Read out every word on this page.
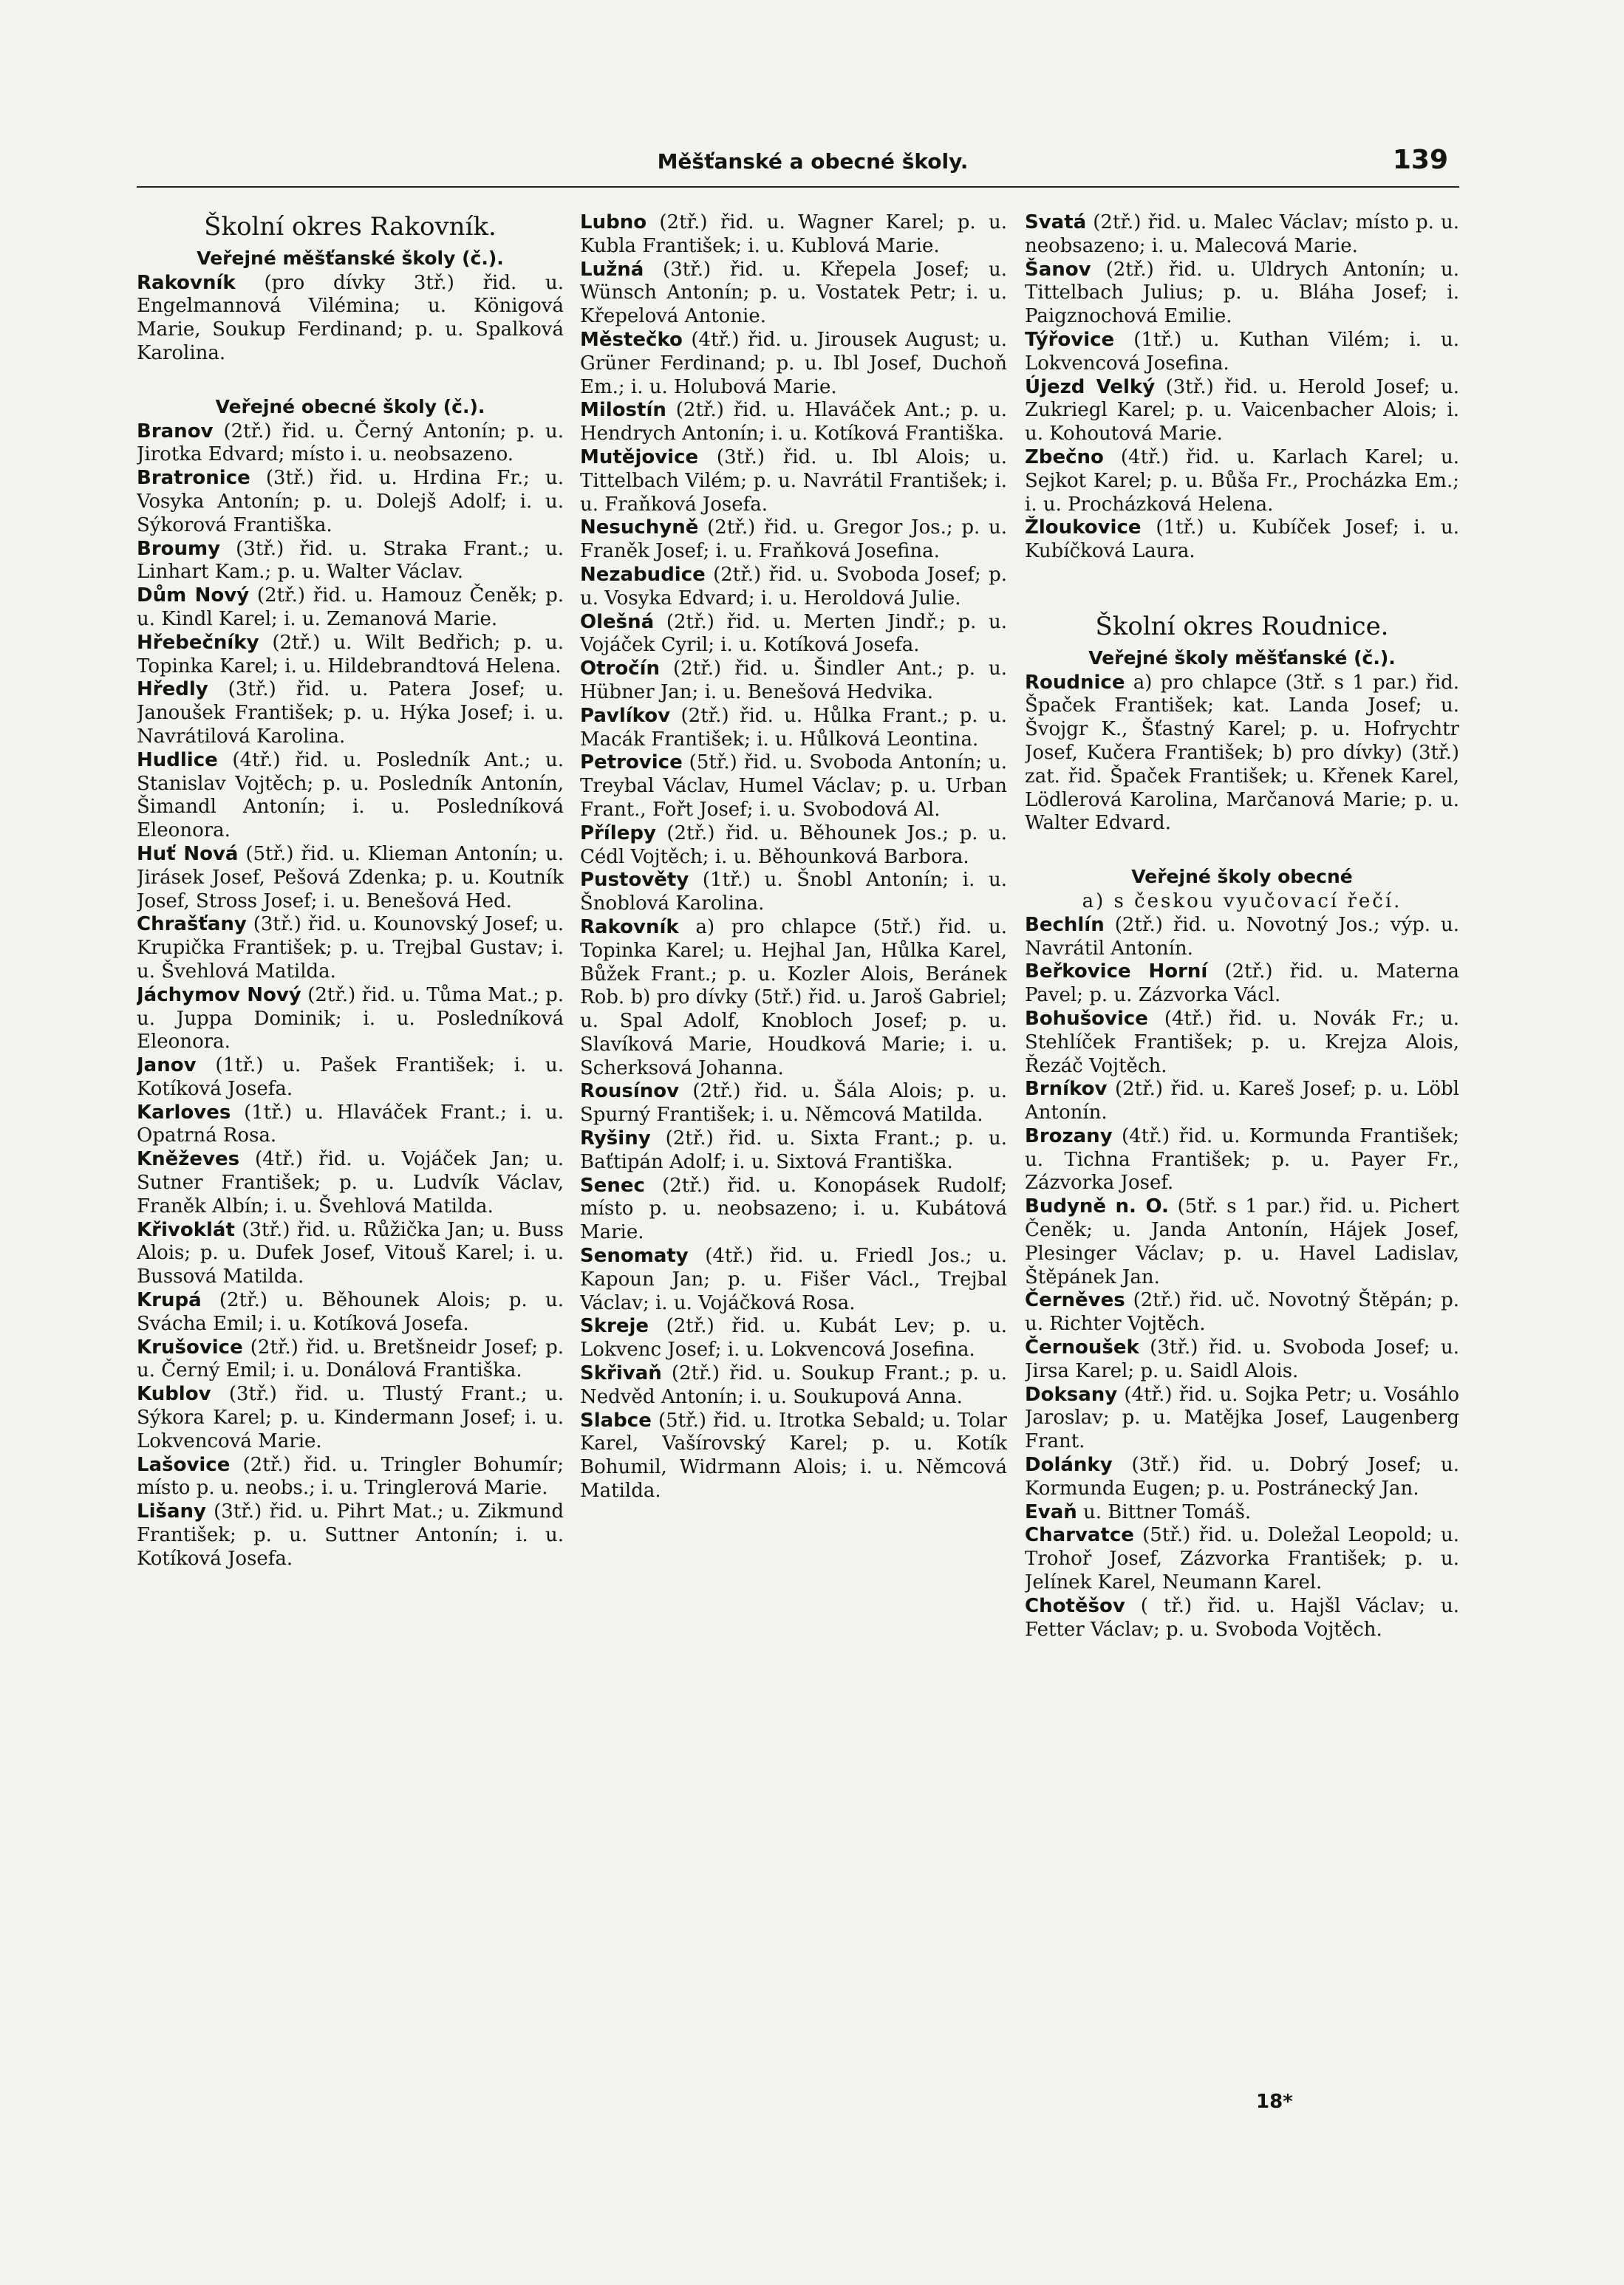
Měšťanské a obecné školy.	139
Školní okres Rakovník.
Veřejné měšťanské školy (č.).

Rakovník (pro dívky 3tř.) řid. u. Engelmannová Vilémina; u. Königová Marie, Soukup Ferdinand; p. u. Spalková Karolina.

Veřejné obecné školy (č.).

Branov (2tř.) řid. u. Černý Antonín; p. u. Jirotka Edvard; místo i. u. neobsazeno.

Bratronice (3tř.) řid. u. Hrdina Fr.; u. Vosyka Antonín; p. u. Dolejš Adolf; i. u. Sýkorová Františka.

Broumy (3tř.) řid. u. Straka Frant.; u. Linhart Kam.; p. u. Walter Václav.

Dům Nový (2tř.) řid. u. Hamouz Čeněk; p. u. Kindl Karel; i. u. Zemanová Marie.

Hřebečníky (2tř.) u. Wilt Bedřich; p. u. Topinka Karel; i. u. Hildebrandtová Helena.

Hředly (3tř.) řid. u. Patera Josef; u. Janoušek František; p. u. Hýka Josef; i. u. Navrátilová Karolina.

Hudlice (4tř.) řid. u. Posledník Ant.; u. Stanislav Vojtěch; p. u. Posledník Antonín, Šimandl Antonín; i. u. Posledníková Eleonora.

Huť Nová (5tř.) řid. u. Klieman Antonín; u. Jirásek Josef, Pešová Zdenka; p. u. Koutník Josef, Stross Josef; i. u. Benešová Hed.

Chrašťany (3tř.) řid. u. Kounovský Josef; u. Krupička František; p. u. Trejbal Gustav; i. u. Švehlová Matilda.

Jáchymov Nový (2tř.) řid. u. Tůma Mat.; p. u. Juppa Dominik; i. u. Posledníková Eleonora.

Janov (1tř.) u. Pašek František; i. u. Kotíková Josefa.

Karloves (1tř.) u. Hlaváček Frant.; i. u. Opatrná Rosa.

Kněževes (4tř.) řid. u. Vojáček Jan; u. Sutner František; p. u. Ludvík Václav, Franěk Albín; i. u. Švehlová Matilda.

Křivoklát (3tř.) řid. u. Růžička Jan; u. Buss Alois; p. u. Dufek Josef, Vitouš Karel; i. u. Bussová Matilda.

Krupá (2tř.) u. Běhounek Alois; p. u. Svácha Emil; i. u. Kotíková Josefa.

Krušovice (2tř.) řid. u. Bretšneidr Josef; p. u. Černý Emil; i. u. Donálová Františka.

Kublov (3tř.) řid. u. Tlustý Frant.; u. Sýkora Karel; p. u. Kindermann Josef; i. u. Lokvencová Marie.

Lašovice (2tř.) řid. u. Tringler Bohumír; místo p. u. neobs.; i. u. Tringlerová Marie.

Lišany (3tř.) řid. u. Pihrt Mat.; u. Zikmund František; p. u. Suttner Antonín; i. u. Kotíková Josefa.

Lubno (2tř.) řid. u. Wagner Karel; p. u. Kubla František; i. u. Kublová Marie.

Lužná (3tř.) řid. u. Křepela Josef; u. Wünsch Antonín; p. u. Vostatek Petr; i. u. Křepelová Antonie.

Městečko (4tř.) řid. u. Jirousek August; u. Grüner Ferdinand; p. u. Ibl Josef, Duchoň Em.; i. u. Holubová Marie.

Milostín (2tř.) řid. u. Hlaváček Ant.; p. u. Hendrych Antonín; i. u. Kotíková Františka.

Mutějovice (3tř.) řid. u. Ibl Alois; u. Tittelbach Vilém; p. u. Navrátil František; i. u. Fraňková Josefa.

Nesuchyně (2tř.) řid. u. Gregor Jos.; p. u. Franěk Josef; i. u. Fraňková Josefina.

Nezabudice (2tř.) řid. u. Svoboda Josef; p. u. Vosyka Edvard; i. u. Heroldová Julie.

Olešná (2tř.) řid. u. Merten Jindř.; p. u. Vojáček Cyril; i. u. Kotíková Josefa.

Otročín (2tř.) řid. u. Šindler Ant.; p. u. Hübner Jan; i. u. Benešová Hedvika.

Pavlíkov (2tř.) řid. u. Hůlka Frant.; p. u. Macák František; i. u. Hůlková Leontina.

Petrovice (5tř.) řid. u. Svoboda Antonín; u. Treybal Václav, Humel Václav; p. u. Urban Frant., Fořt Josef; i. u. Svobodová Al.

Přílepy (2tř.) řid. u. Běhounek Jos.; p. u. Cédl Vojtěch; i. u. Běhounková Barbora.

Pustověty (1tř.) u. Šnobl Antonín; i. u. Šnoblová Karolina.

Rakovník a) pro chlapce (5tř.) řid. u. Topinka Karel; u. Hejhal Jan, Hůlka Karel, Bůžek Frant.; p. u. Kozler Alois, Beránek Rob. b) pro dívky (5tř.) řid. u. Jaroš Gabriel; u. Spal Adolf, Knobloch Josef; p. u. Slavíková Marie, Houdková Marie; i. u. Scherksová Johanna.

Rousínov (2tř.) řid. u. Šála Alois; p. u. Spurný František; i. u. Němcová Matilda.

Ryšiny (2tř.) řid. u. Sixta Frant.; p. u. Baťtipán Adolf; i. u. Sixtová Františka.

Senec (2tř.) řid. u. Konopásek Rudolf; místo p. u. neobsazeno; i. u. Kubátová Marie.

Senomaty (4tř.) řid. u. Friedl Jos.; u. Kapoun Jan; p. u. Fišer Václ., Trejbal Václav; i. u. Vojáčková Rosa.

Skreje (2tř.) řid. u. Kubát Lev; p. u. Lokvenc Josef; i. u. Lokvencová Josefina.

Skřivaň (2tř.) řid. u. Soukup Frant.; p. u. Nedvěd Antonín; i. u. Soukupová Anna.

Slabce (5tř.) řid. u. Itrotka Sebald; u. Tolar Karel, Vašírovský Karel; p. u. Kotík Bohumil, Widrmann Alois; i. u. Němcová Matilda.

Svatá (2tř.) řid. u. Malec Václav; místo p. u. neobsazeno; i. u. Malecová Marie.

Šanov (2tř.) řid. u. Uldrych Antonín; u. Tittelbach Julius; p. u. Bláha Josef; i. Paigznochová Emilie.

Týřovice (1tř.) u. Kuthan Vilém; i. u. Lokvencová Josefina.

Újezd Velký (3tř.) řid. u. Herold Josef; u. Zukriegl Karel; p. u. Vaicenbacher Alois; i. u. Kohoutová Marie.

Zbečno (4tř.) řid. u. Karlach Karel; u. Sejkot Karel; p. u. Bůša Fr., Procházka Em.; i. u. Procházková Helena.

Žloukovice (1tř.) u. Kubíček Josef; i. u. Kubíčková Laura.

Školní okres Roudnice.
Veřejné školy měšťanské (č.).

Roudnice a) pro chlapce (3tř. s 1 par.) řid. Špaček František; kat. Landa Josef; u. Švojgr K., Šťastný Karel; p. u. Hofrychtr Josef, Kučera František; b) pro dívky) (3tř.) zat. řid. Špaček František; u. Křenek Karel, Lödlerová Karolina, Marčanová Marie; p. u. Walter Edvard.

Veřejné školy obecné
a) s českou vyučovací řečí.

Bechlín (2tř.) řid. u. Novotný Jos.; výp. u. Navrátil Antonín.

Beřkovice Horní (2tř.) řid. u. Materna Pavel; p. u. Zázvorka Václ.

Bohušovice (4tř.) řid. u. Novák Fr.; u. Stehlíček František; p. u. Krejza Alois, Řezáč Vojtěch.

Brníkov (2tř.) řid. u. Kareš Josef; p. u. Löbl Antonín.

Brozany (4tř.) řid. u. Kormunda František; u. Tichna František; p. u. Payer Fr., Zázvorka Josef.

Budyně n. O. (5tř. s 1 par.) řid. u. Pichert Čeněk; u. Janda Antonín, Hájek Josef, Plesinger Václav; p. u. Havel Ladislav, Štěpánek Jan.

Černěves (2tř.) řid. uč. Novotný Štěpán; p. u. Richter Vojtěch.

Černoušek (3tř.) řid. u. Svoboda Josef; u. Jirsa Karel; p. u. Saidl Alois.

Doksany (4tř.) řid. u. Sojka Petr; u. Vosáhlo Jaroslav; p. u. Matějka Josef, Laugenberg Frant.

Dolánky (3tř.) řid. u. Dobrý Josef; u. Kormunda Eugen; p. u. Postránecký Jan.

Evaň u. Bittner Tomáš.

Charvatce (5tř.) řid. u. Doležal Leopold; u. Trohoř Josef, Zázvorka František; p. u. Jelínek Karel, Neumann Karel.

Chotěšov ( tř.) řid. u. Hajšl Václav; u. Fetter Václav; p. u. Svoboda Vojtěch.

18*
